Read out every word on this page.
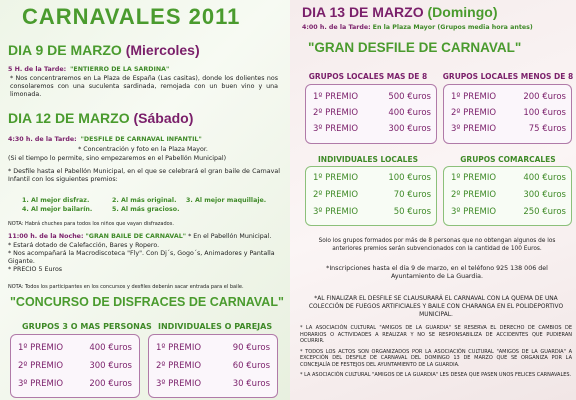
CARNAVALES 2011
DIA 9 DE MARZO (Miercoles)
5 H. de la Tarde: "ENTIERRO DE LA SARDINA"
* Nos concentraremos en La Plaza de España (Las casitas), donde los dolientes nos consolaremos con una suculenta sardinada, remojada con un buen vino y una limonada.
DIA 12 DE MARZO (Sábado)
4:30 h. de la Tarde: "DESFILE DE CARNAVAL INFANTIL"
* Concentración y foto en la Plaza Mayor.
(Si el tiempo lo permite, sino empezaremos en el Pabellón Municipal)
* Desfile hasta el Pabellón Municipal, en el que se celebrará el gran baile de Carnaval Infantil con los siguientes premios:
1. Al mejor disfraz.	2. Al más original. 3. Al mejor maquillaje.
4. Al mejor bailarín.	5. Al más gracioso.
NOTA: Habrá chuches para todos los niños que vayan disfrazados.
11:00 h. de la Noche: "GRAN BAILE DE CARNAVAL" * En el Pabellón Municipal.
* Estará dotado de Calefacción, Bares y Ropero.
* Nos acompañará la Macrodiscoteca "Fly". Con Dj´s, Gogo´s, Animadores y Pantalla Gigante.
* PRECIO 5 Euros
NOTA: Todos los participantes en los concursos y desfiles deberán sacar entrada para el baile.
"CONCURSO DE DISFRACES DE CARNAVAL"
GRUPOS 3 O MAS PERSONAS INDIVIDUALES O PAREJAS
1º PREMIO	400 €uros
2º PREMIO	300 €uros
3º PREMIO	200 €uros
1º PREMIO	90 €uros
2º PREMIO	60 €uros
3º PREMIO	30 €uros
DIA 13 DE MARZO (Domingo)
4:00 h. de la Tarde: En la Plaza Mayor (Grupos media hora antes)
"GRAN DESFILE DE CARNAVAL"
GRUPOS LOCALES MAS DE 8	GRUPOS LOCALES MENOS DE 8
1º PREMIO	500 €uros
2º PREMIO	400 €uros
3º PREMIO	300 €uros
1º PREMIO	200 €uros
2º PREMIO	100 €uros
3º PREMIO	75 €uros
INDIVIDUALES LOCALES	GRUPOS COMARCALES
1º PREMIO	100 €uros
2º PREMIO	70 €uros
3º PREMIO	50 €uros
1º PREMIO	400 €uros
2º PREMIO	300 €uros
3º PREMIO	250 €uros
Solo los grupos formados por más de 8 personas que no obtengan algunos de los anteriores premios serán subvencionados con la cantidad de 100 Euros.
*Inscripciones hasta el día 9 de marzo, en el teléfono 925 138 006 del Ayuntamiento de La Guardia.
*AL FINALIZAR EL DESFILE SE CLAUSURARÁ EL CARNAVAL CON LA QUEMA DE UNA COLECCIÓN DE FUEGOS ARTIFICIALES Y BAILE CON CHARANGA EN EL POLIDEPORTIVO MUNICIPAL.
* LA ASOCIACIÓN CULTURAL "AMIGOS DE LA GUARDIA" SE RESERVA EL DERECHO DE CAMBIOS DE HORARIOS O ACTIVIDADES A REALIZAR Y NO SE RESPONSABILIZA DE ACCIDENTES QUE PUDIERAN OCURRIR.
* TODOS LOS ACTOS SON ORGANIZADOS POR LA ASOCIACIÓN CULTURAL "AMIGOS DE LA GUARDIA" A EXCEPCIÓN DEL DESFILE DE CARNAVAL DEL DOMINGO 13 DE MARZO QUE SE ORGANIZA POR LA CONCEJALÍA DE FESTEJOS DEL AYUNTAMIENTO DE LA GUARDIA.
* LA ASOCIACIÓN CULTURAL "AMIGOS DE LA GUARDIA" LES DESEA QUE PASEN UNOS FELICES CARNAVALES.
